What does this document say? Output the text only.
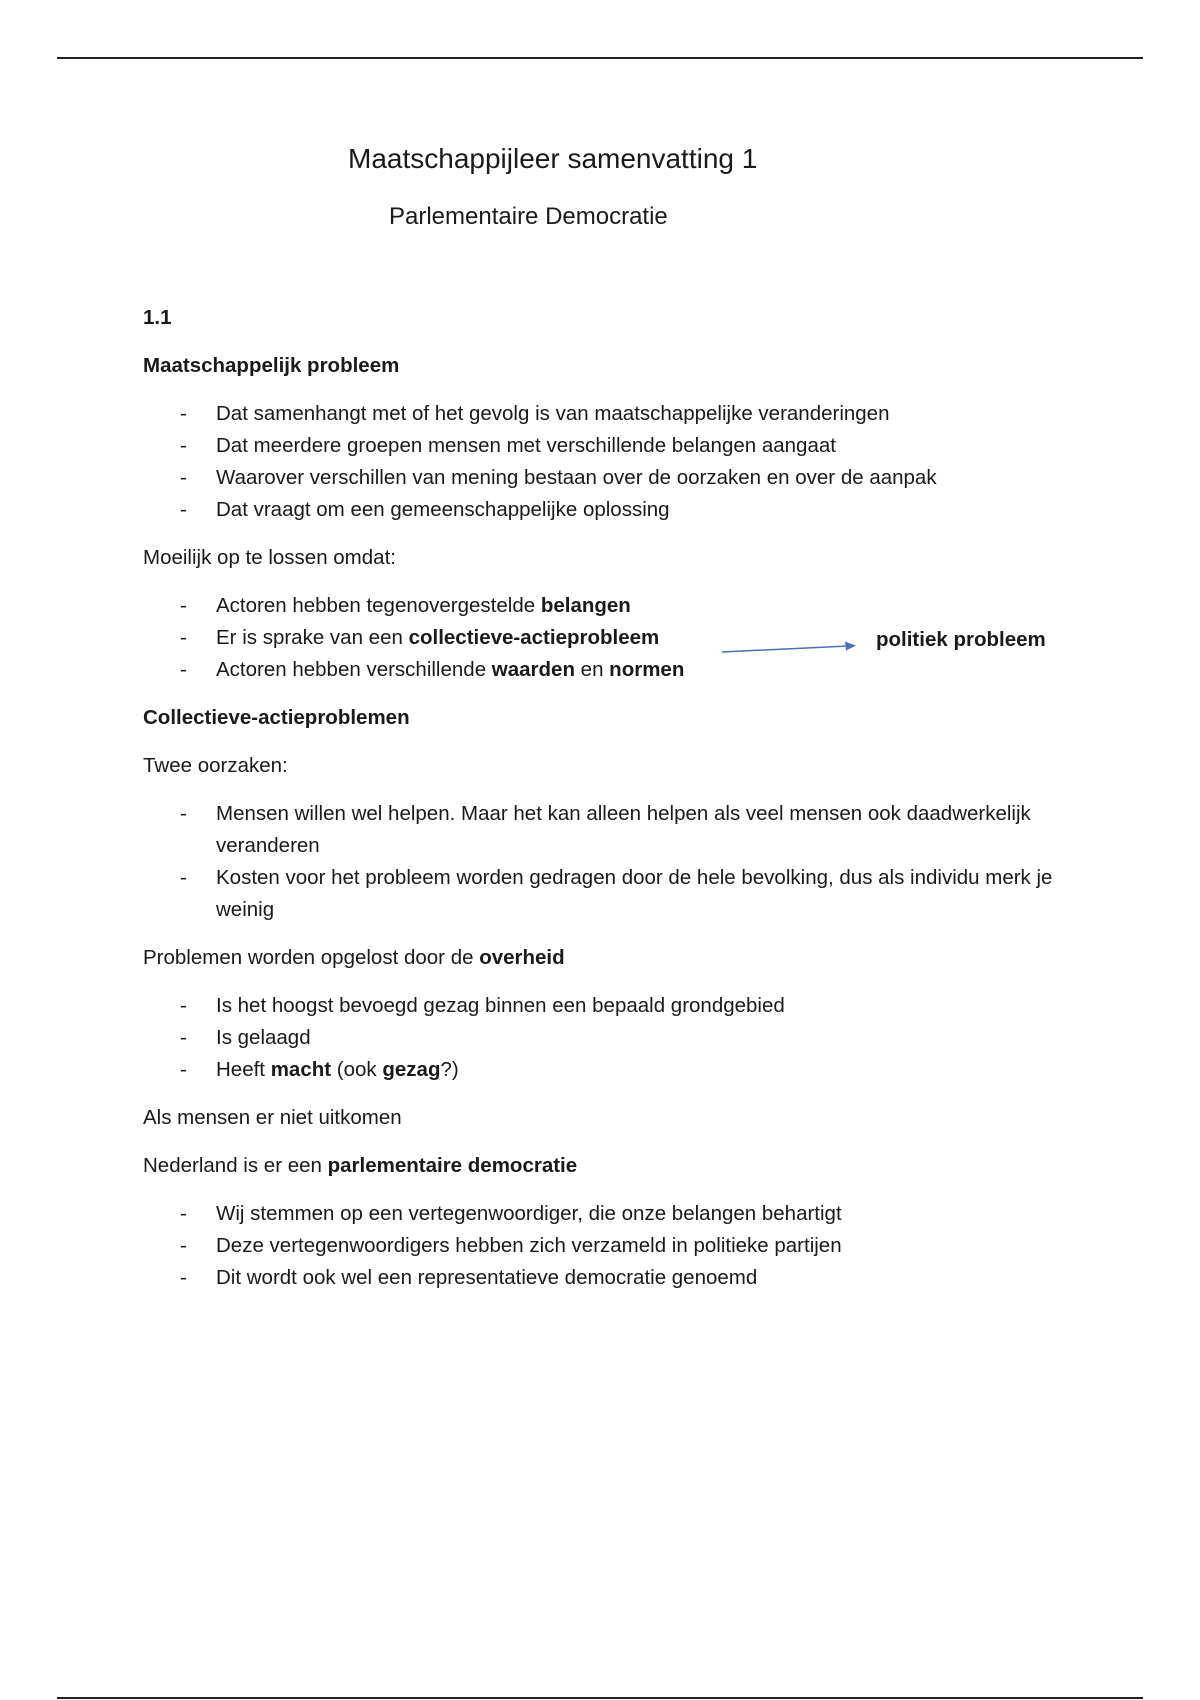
Maatschappijleer samenvatting 1
Parlementaire Democratie

1.1

Maatschappelijk probleem

- Dat samenhangt met of het gevolg is van maatschappelijke veranderingen
- Dat meerdere groepen mensen met verschillende belangen aangaat
- Waarover verschillen van mening bestaan over de oorzaken en over de aanpak
- Dat vraagt om een gemeenschappelijke oplossing

Moeilijk op te lossen omdat:

- Actoren hebben tegenovergestelde belangen
- Er is sprake van een collectieve-actieprobleem
- Actoren hebben verschillende waarden en normen

Collectieve-actieproblemen

Twee oorzaken:

- Mensen willen wel helpen. Maar het kan alleen helpen als veel mensen ook daadwerkelijk veranderen
- Kosten voor het probleem worden gedragen door de hele bevolking, dus als individu merk je weinig

Problemen worden opgelost door de overheid

- Is het hoogst bevoegd gezag binnen een bepaald grondgebied
- Is gelaagd
- Heeft macht (ook gezag?)

Als mensen er niet uitkomen

Nederland is er een parlementaire democratie

- Wij stemmen op een vertegenwoordiger, die onze belangen behartigt
- Deze vertegenwoordigers hebben zich verzameld in politieke partijen
- Dit wordt ook wel een representatieve democratie genoemd
politiek probleem
